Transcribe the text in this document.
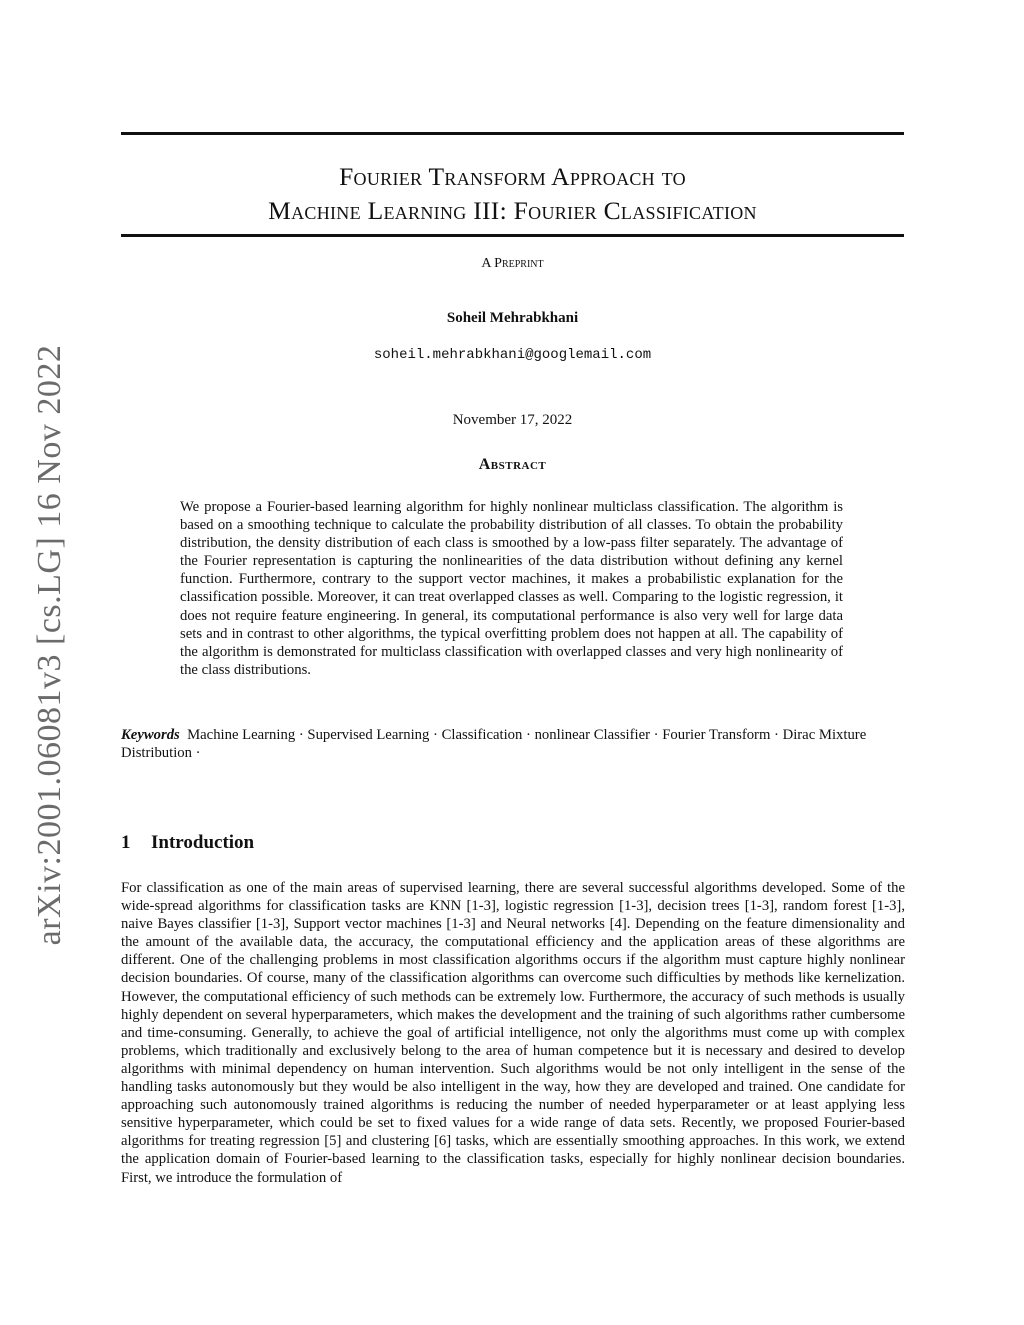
arXiv:2001.06081v3 [cs.LG] 16 Nov 2022
Fourier Transform Approach to
Machine Learning III: Fourier Classification
A Preprint
Soheil Mehrabkhani
soheil.mehrabkhani@googlemail.com
November 17, 2022
Abstract

We propose a Fourier-based learning algorithm for highly nonlinear multiclass classification. The algorithm is based on a smoothing technique to calculate the probability distribution of all classes. To obtain the probability distribution, the density distribution of each class is smoothed by a low-pass filter separately. The advantage of the Fourier representation is capturing the nonlinearities of the data distribution without defining any kernel function. Furthermore, contrary to the support vector machines, it makes a probabilistic explanation for the classification possible. Moreover, it can treat overlapped classes as well. Comparing to the logistic regression, it does not require feature engineering. In general, its computational performance is also very well for large data sets and in contrast to other algorithms, the typical overfitting problem does not happen at all. The capability of the algorithm is demonstrated for multiclass classification with overlapped classes and very high nonlinearity of the class distributions.

Keywords Machine Learning · Supervised Learning · Classification · nonlinear Classifier · Fourier Transform · Dirac Mixture Distribution ·

1 Introduction

For classification as one of the main areas of supervised learning, there are several successful algorithms developed. Some of the wide-spread algorithms for classification tasks are KNN [1-3], logistic regression [1-3], decision trees [1-3], random forest [1-3], naive Bayes classifier [1-3], Support vector machines [1-3] and Neural networks [4]. Depending on the feature dimensionality and the amount of the available data, the accuracy, the computational efficiency and the application areas of these algorithms are different. One of the challenging problems in most classification algorithms occurs if the algorithm must capture highly nonlinear decision boundaries. Of course, many of the classification algorithms can overcome such difficulties by methods like kernelization. However, the computational efficiency of such methods can be extremely low. Furthermore, the accuracy of such methods is usually highly dependent on several hyperparameters, which makes the development and the training of such algorithms rather cumbersome and time-consuming. Generally, to achieve the goal of artificial intelligence, not only the algorithms must come up with complex problems, which traditionally and exclusively belong to the area of human competence but it is necessary and desired to develop algorithms with minimal dependency on human intervention. Such algorithms would be not only intelligent in the sense of the handling tasks autonomously but they would be also intelligent in the way, how they are developed and trained. One candidate for approaching such autonomously trained algorithms is reducing the number of needed hyperparameter or at least applying less sensitive hyperparameter, which could be set to fixed values for a wide range of data sets. Recently, we proposed Fourier-based algorithms for treating regression [5] and clustering [6] tasks, which are essentially smoothing approaches. In this work, we extend the application domain of Fourier-based learning to the classification tasks, especially for highly nonlinear decision boundaries. First, we introduce the formulation of
